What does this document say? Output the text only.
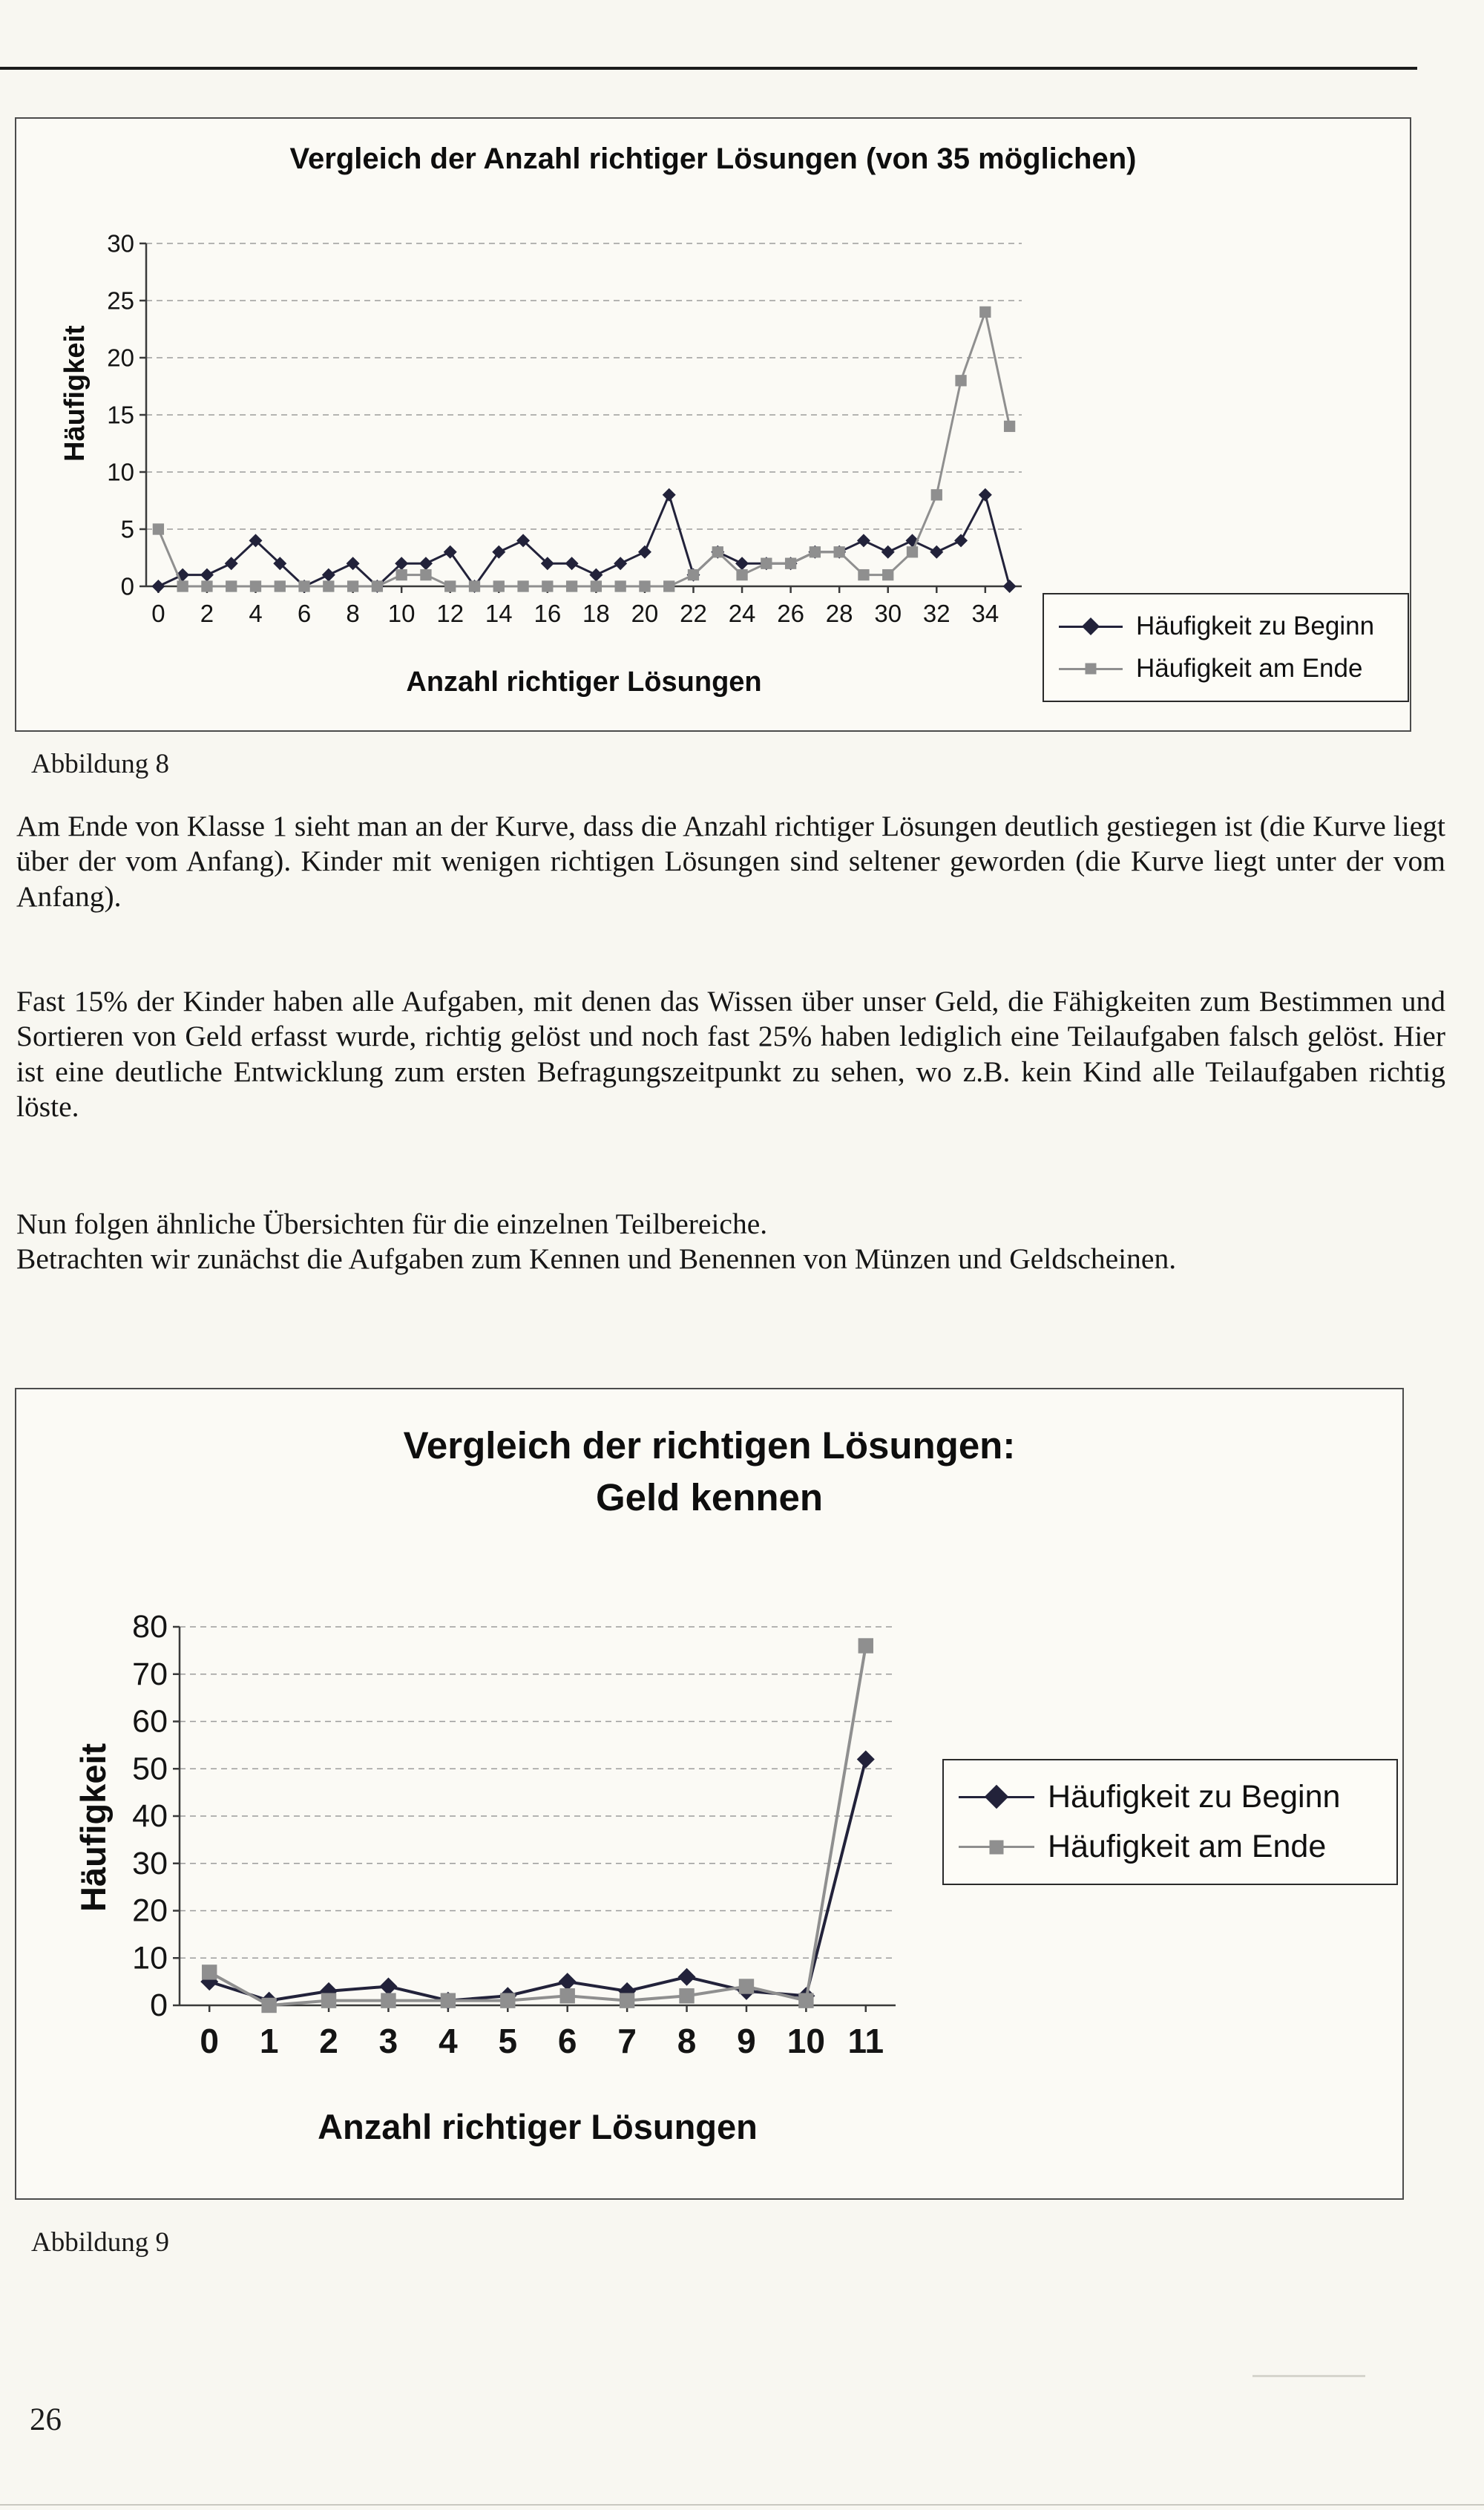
Vergleich der Anzahl richtiger Lösungen (von 35 möglichen)
0
5
10
15
20
25
30
0 2 4 6 8 10 12 14 16 18 20 22 24 26 28 30 32 34
Häufigkeit
Anzahl richtiger Lösungen
Häufigkeit zu Beginn
Häufigkeit am Ende
Abbildung 8

Am Ende von Klasse 1 sieht man an der Kurve, dass die Anzahl richtiger Lösungen deutlich gestiegen ist (die Kurve liegt über der vom Anfang). Kinder mit wenigen richtigen Lösungen sind seltener geworden (die Kurve liegt unter der vom Anfang).

Fast 15% der Kinder haben alle Aufgaben, mit denen das Wissen über unser Geld, die Fähigkeiten zum Bestimmen und Sortieren von Geld erfasst wurde, richtig gelöst und noch fast 25% haben lediglich eine Teilaufgaben falsch gelöst. Hier ist eine deutliche Entwicklung zum ersten Befragungszeitpunkt zu sehen, wo z.B. kein Kind alle Teilaufgaben richtig löste.

Nun folgen ähnliche Übersichten für die einzelnen Teilbereiche.
Betrachten wir zunächst die Aufgaben zum Kennen und Benennen von Münzen und Geldscheinen.
Vergleich der richtigen Lösungen:
Geld kennen
0
10
20
30
40
50
60
70
80
0 1 2 3 4 5 6 7 8 9 10 11
Häufigkeit
Anzahl richtiger Lösungen
Häufigkeit zu Beginn
Häufigkeit am Ende
Abbildung 9
26
